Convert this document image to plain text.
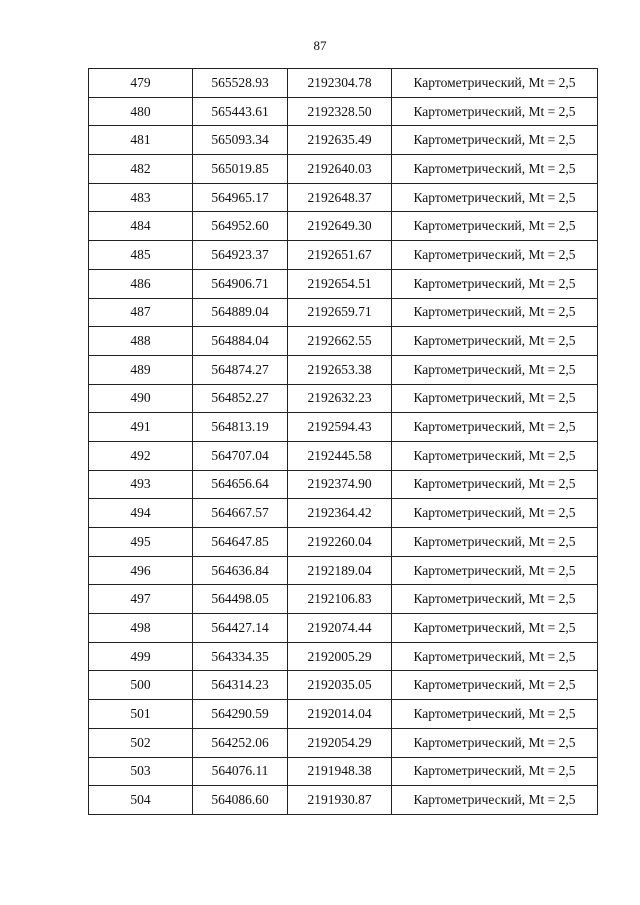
87
479	565528.93	2192304.78	Картометрический, Mt = 2,5
480	565443.61	2192328.50	Картометрический, Mt = 2,5
481	565093.34	2192635.49	Картометрический, Mt = 2,5
482	565019.85	2192640.03	Картометрический, Mt = 2,5
483	564965.17	2192648.37	Картометрический, Mt = 2,5
484	564952.60	2192649.30	Картометрический, Mt = 2,5
485	564923.37	2192651.67	Картометрический, Mt = 2,5
486	564906.71	2192654.51	Картометрический, Mt = 2,5
487	564889.04	2192659.71	Картометрический, Mt = 2,5
488	564884.04	2192662.55	Картометрический, Mt = 2,5
489	564874.27	2192653.38	Картометрический, Mt = 2,5
490	564852.27	2192632.23	Картометрический, Mt = 2,5
491	564813.19	2192594.43	Картометрический, Mt = 2,5
492	564707.04	2192445.58	Картометрический, Mt = 2,5
493	564656.64	2192374.90	Картометрический, Mt = 2,5
494	564667.57	2192364.42	Картометрический, Mt = 2,5
495	564647.85	2192260.04	Картометрический, Mt = 2,5
496	564636.84	2192189.04	Картометрический, Mt = 2,5
497	564498.05	2192106.83	Картометрический, Mt = 2,5
498	564427.14	2192074.44	Картометрический, Mt = 2,5
499	564334.35	2192005.29	Картометрический, Mt = 2,5
500	564314.23	2192035.05	Картометрический, Mt = 2,5
501	564290.59	2192014.04	Картометрический, Mt = 2,5
502	564252.06	2192054.29	Картометрический, Mt = 2,5
503	564076.11	2191948.38	Картометрический, Mt = 2,5
504	564086.60	2191930.87	Картометрический, Mt = 2,5
